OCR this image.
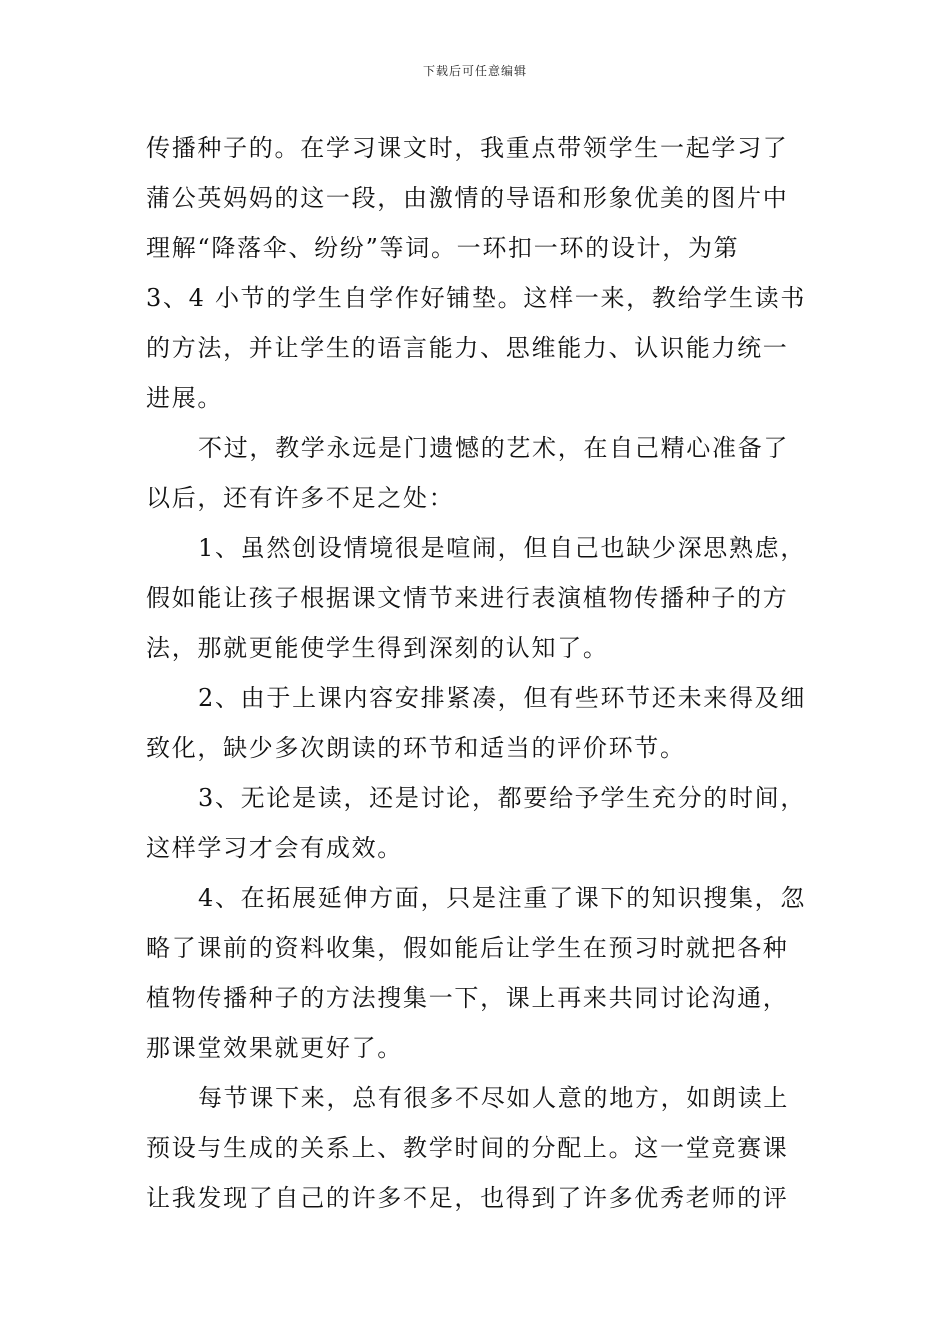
下载后可任意编辑
传播种子的。在学习课文时，我重点带领学生一起学习了
蒲公英妈妈的这一段，由激情的导语和形象优美的图片中
理解“降落伞、纷纷”等词。一环扣一环的设计，为第
3、4 小节的学生自学作好铺垫。这样一来，教给学生读书
的方法，并让学生的语言能力、思维能力、认识能力统一
进展。
不过，教学永远是门遗憾的艺术，在自己精心准备了
以后，还有许多不足之处：
1、虽然创设情境很是喧闹，但自己也缺少深思熟虑，
假如能让孩子根据课文情节来进行表演植物传播种子的方
法，那就更能使学生得到深刻的认知了。
2、由于上课内容安排紧凑，但有些环节还未来得及细
致化，缺少多次朗读的环节和适当的评价环节。
3、无论是读，还是讨论，都要给予学生充分的时间，
这样学习才会有成效。
4、在拓展延伸方面，只是注重了课下的知识搜集，忽
略了课前的资料收集，假如能后让学生在预习时就把各种
植物传播种子的方法搜集一下，课上再来共同讨论沟通，
那课堂效果就更好了。
每节课下来，总有很多不尽如人意的地方，如朗读上
预设与生成的关系上、教学时间的分配上。这一堂竞赛课
让我发现了自己的许多不足，也得到了许多优秀老师的评
